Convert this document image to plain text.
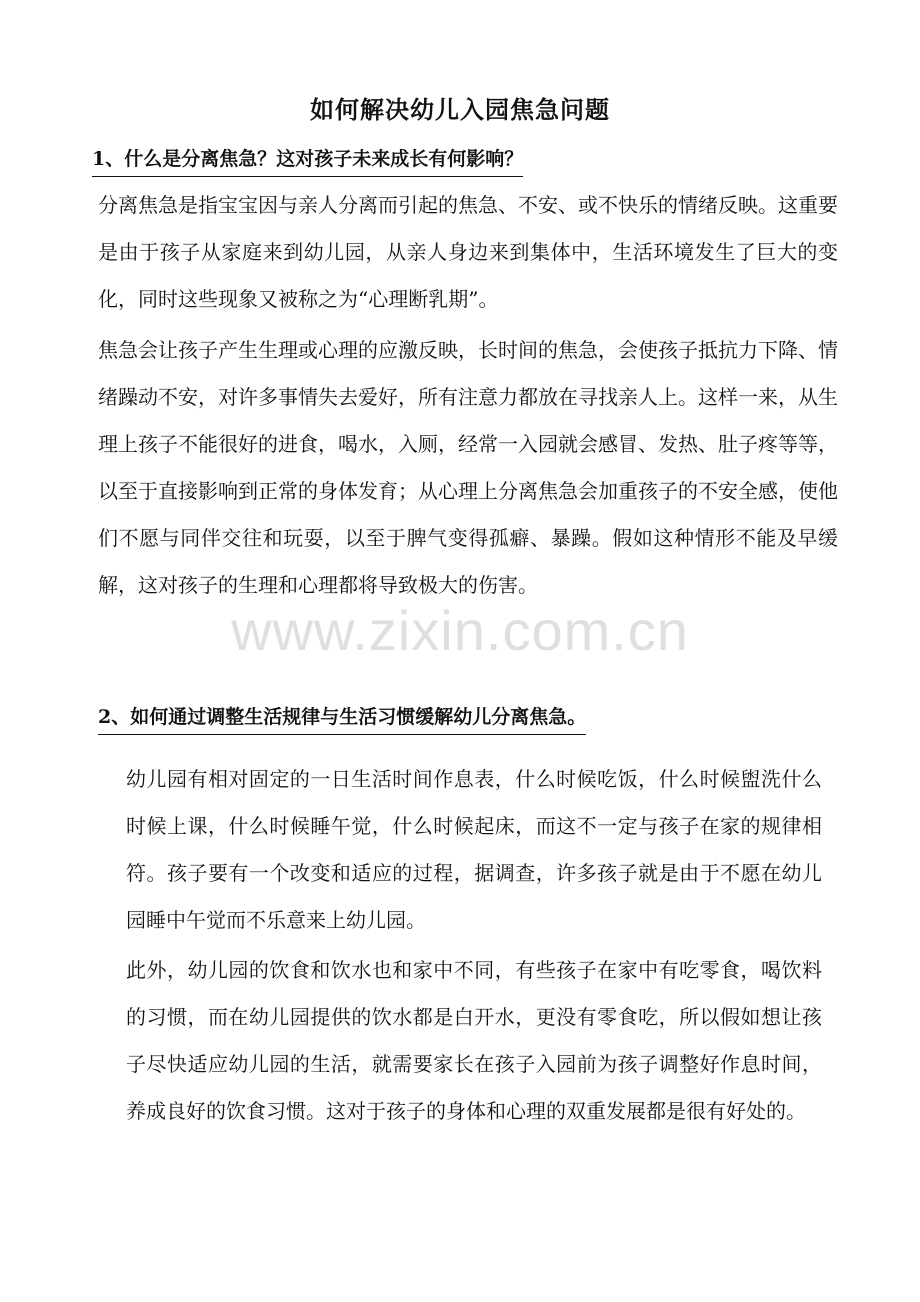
如何解决幼儿入园焦急问题
1、什么是分离焦急？这对孩子未来成长有何影响？

分离焦急是指宝宝因与亲人分离而引起的焦急、不安、或不快乐的情绪反映。这重要是由于孩子从家庭来到幼儿园，从亲人身边来到集体中，生活环境发生了巨大的变化，同时这些现象又被称之为“心理断乳期”。

焦急会让孩子产生生理或心理的应激反映，长时间的焦急，会使孩子抵抗力下降、情绪躁动不安，对许多事情失去爱好，所有注意力都放在寻找亲人上。这样一来，从生理上孩子不能很好的进食，喝水，入厕，经常一入园就会感冒、发热、肚子疼等等，以至于直接影响到正常的身体发育；从心理上分离焦急会加重孩子的不安全感，使他们不愿与同伴交往和玩耍，以至于脾气变得孤癖、暴躁。假如这种情形不能及早缓解，这对孩子的生理和心理都将导致极大的伤害。

www.zixin.com.cn
2、如何通过调整生活规律与生活习惯缓解幼儿分离焦急。

幼儿园有相对固定的一日生活时间作息表，什么时候吃饭，什么时候盥洗什么时候上课，什么时候睡午觉，什么时候起床，而这不一定与孩子在家的规律相符。孩子要有一个改变和适应的过程，据调查，许多孩子就是由于不愿在幼儿园睡中午觉而不乐意来上幼儿园。

此外，幼儿园的饮食和饮水也和家中不同，有些孩子在家中有吃零食，喝饮料的习惯，而在幼儿园提供的饮水都是白开水，更没有零食吃，所以假如想让孩子尽快适应幼儿园的生活，就需要家长在孩子入园前为孩子调整好作息时间，养成良好的饮食习惯。这对于孩子的身体和心理的双重发展都是很有好处的。
